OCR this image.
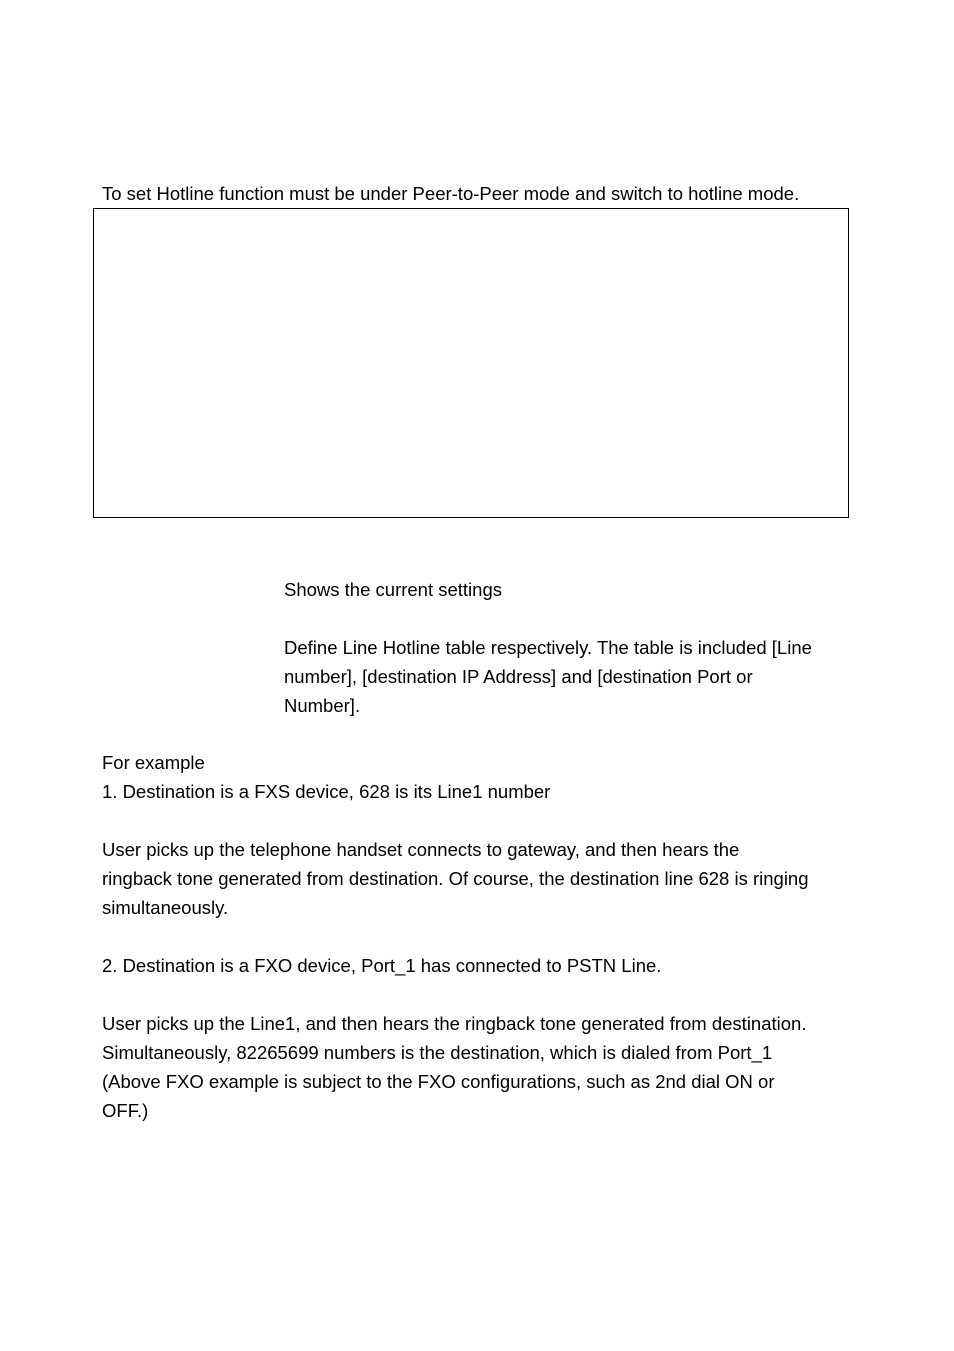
To set Hotline function must be under Peer-to-Peer mode and switch to hotline mode.
Shows the current settings
Define Line Hotline table respectively. The table is included [Line
number], [destination IP Address] and [destination Port or
Number].
For example
1. Destination is a FXS device, 628 is its Line1 number
User picks up the telephone handset connects to gateway, and then hears the
ringback tone generated from destination. Of course, the destination line 628 is ringing
simultaneously.
2. Destination is a FXO device, Port_1 has connected to PSTN Line.
User picks up the Line1, and then hears the ringback tone generated from destination.
Simultaneously, 82265699 numbers is the destination, which is dialed from Port_1
(Above FXO example is subject to the FXO configurations, such as 2nd dial ON or
OFF.)
